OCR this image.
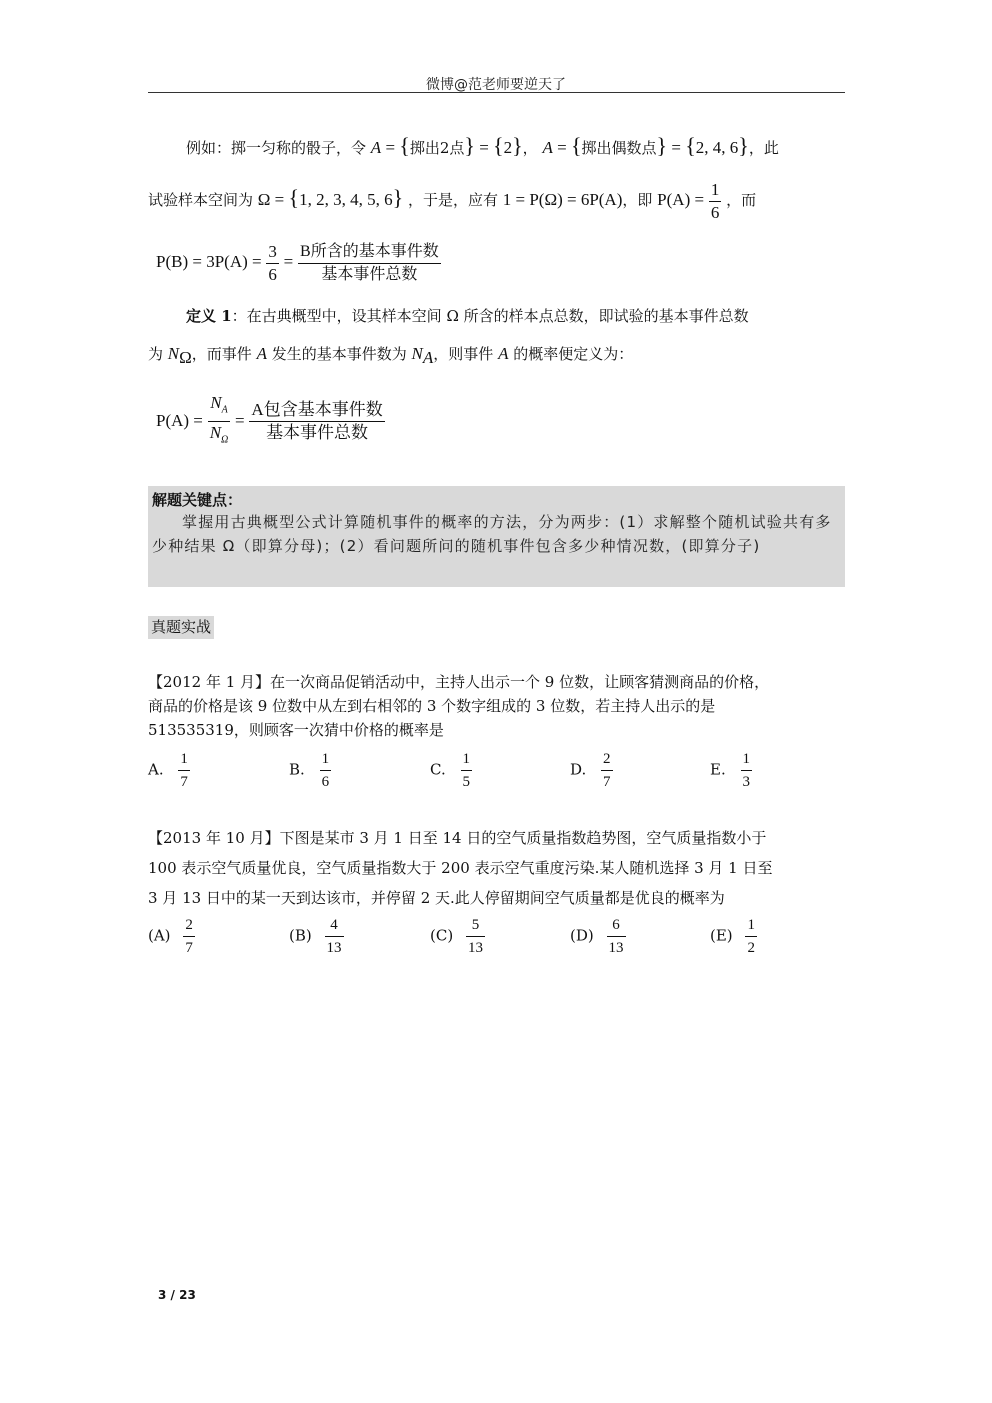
微博@范老师要逆天了
例如：掷一匀称的骰子，令 A = {掷出2点} = {2}， A = {掷出偶数点} = {2, 4, 6}，此
试验样本空间为 Ω = {1, 2, 3, 4, 5, 6} ，于是，应有 1 = P(Ω) = 6P(A)，即 $P(A) = \frac{1}{6}$ ，而
$P(B) = 3P(A) = \frac{3}{6} = \frac{\text{B所含的基本事件数}}{\text{基本事件总数}}$
定义 1：在古典概型中，设其样本空间 Ω 所含的样本点总数，即试验的基本事件总数
为 $N_\Omega$，而事件 A 发生的基本事件数为 $N_A$，则事件 A 的概率便定义为：
$P(A) = \frac{N_A}{N_\Omega} = \frac{\text{A包含基本事件数}}{\text{基本事件总数}}$
解题关键点：
掌握用古典概型公式计算随机事件的概率的方法，分为两步：(1）求解整个随机试验共有多少种结果 Ω（即算分母)；(2）看问题所问的随机事件包含多少种情况数，(即算分子)
真题实战
【2012 年 1 月】在一次商品促销活动中，主持人出示一个 9 位数，让顾客猜测商品的价格，
商品的价格是该 9 位数中从左到右相邻的 3 个数字组成的 3 位数，若主持人出示的是
513535319，则顾客一次猜中价格的概率是
A. $\frac{1}{7}$	B. $\frac{1}{6}$	C. $\frac{1}{5}$	D. $\frac{2}{7}$	E. $\frac{1}{3}$
【2013 年 10 月】下图是某市 3 月 1 日至 14 日的空气质量指数趋势图，空气质量指数小于
100 表示空气质量优良，空气质量指数大于 200 表示空气重度污染.某人随机选择 3 月 1 日至
3 月 13 日中的某一天到达该市，并停留 2 天.此人停留期间空气质量都是优良的概率为
$(A) \frac{2}{7}$	$(B) \frac{4}{13}$	$(C) \frac{5}{13}$	$(D) \frac{6}{13}$	$(E) \frac{1}{2}$
3 / 23
